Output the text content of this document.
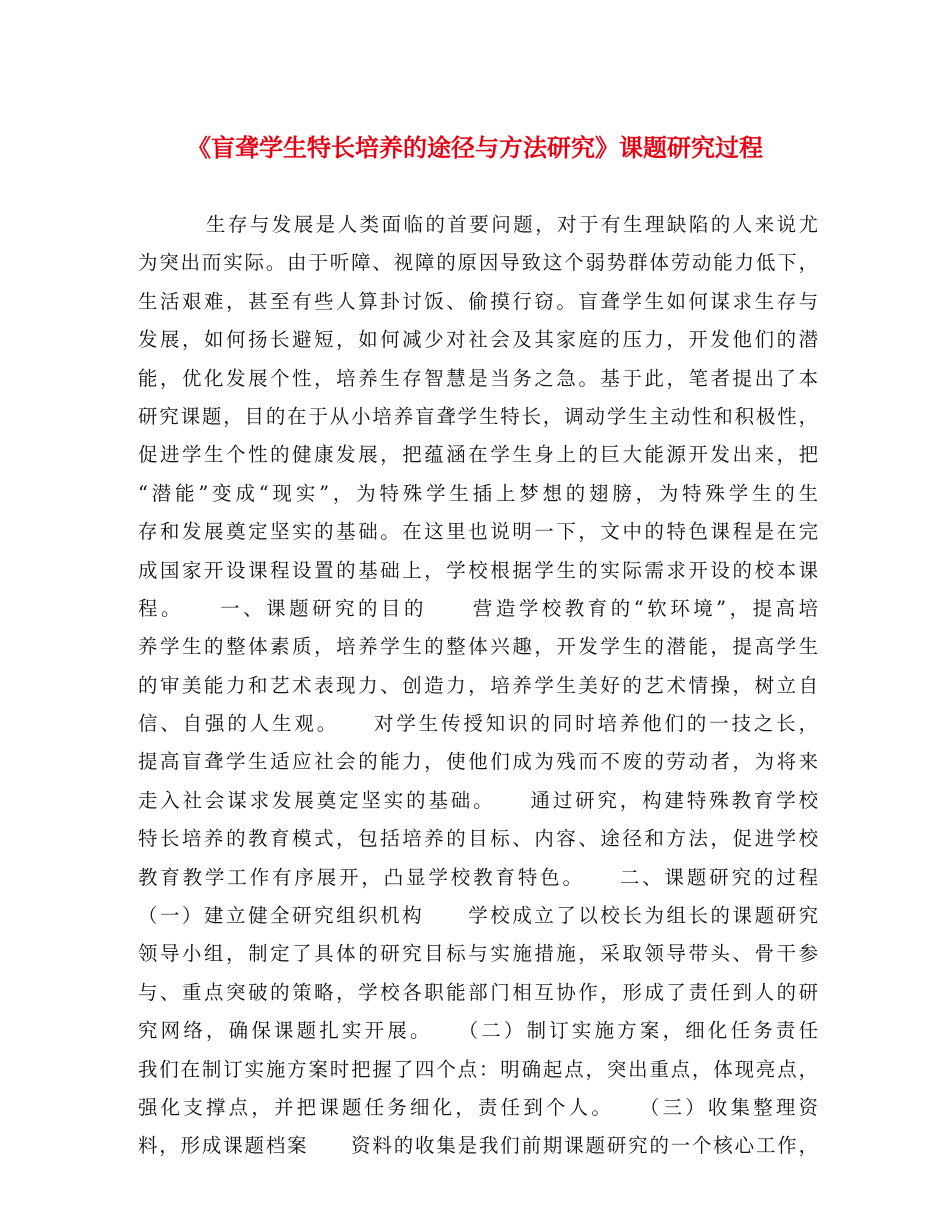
《盲聋学生特长培养的途径与方法研究》课题研究过程
生存与发展是人类面临的首要问题，对于有生理缺陷的人来说尤
为突出而实际。由于听障、视障的原因导致这个弱势群体劳动能力低下，
生活艰难，甚至有些人算卦讨饭、偷摸行窃。盲聋学生如何谋求生存与
发展，如何扬长避短，如何减少对社会及其家庭的压力，开发他们的潜
能，优化发展个性，培养生存智慧是当务之急。基于此，笔者提出了本
研究课题，目的在于从小培养盲聋学生特长，调动学生主动性和积极性，
促进学生个性的健康发展，把蕴涵在学生身上的巨大能源开发出来，把
“潜能”变成“现实”，为特殊学生插上梦想的翅膀，为特殊学生的生
存和发展奠定坚实的基础。在这里也说明一下，文中的特色课程是在完
成国家开设课程设置的基础上，学校根据学生的实际需求开设的校本课
程。　　一、课题研究的目的　　营造学校教育的“软环境”，提高培
养学生的整体素质，培养学生的整体兴趣，开发学生的潜能，提高学生
的审美能力和艺术表现力、创造力，培养学生美好的艺术情操，树立自
信、自强的人生观。　　对学生传授知识的同时培养他们的一技之长，
提高盲聋学生适应社会的能力，使他们成为残而不废的劳动者，为将来
走入社会谋求发展奠定坚实的基础。　　通过研究，构建特殊教育学校
特长培养的教育模式，包括培养的目标、内容、途径和方法，促进学校
教育教学工作有序展开，凸显学校教育特色。　　二、课题研究的过程
（一）建立健全研究组织机构　　学校成立了以校长为组长的课题研究
领导小组，制定了具体的研究目标与实施措施，采取领导带头、骨干参
与、重点突破的策略，学校各职能部门相互协作，形成了责任到人的研
究网络，确保课题扎实开展。　　（二）制订实施方案，细化任务责任
我们在制订实施方案时把握了四个点：明确起点，突出重点，体现亮点，
强化支撑点，并把课题任务细化，责任到个人。　　（三）收集整理资
料，形成课题档案　　资料的收集是我们前期课题研究的一个核心工作，
